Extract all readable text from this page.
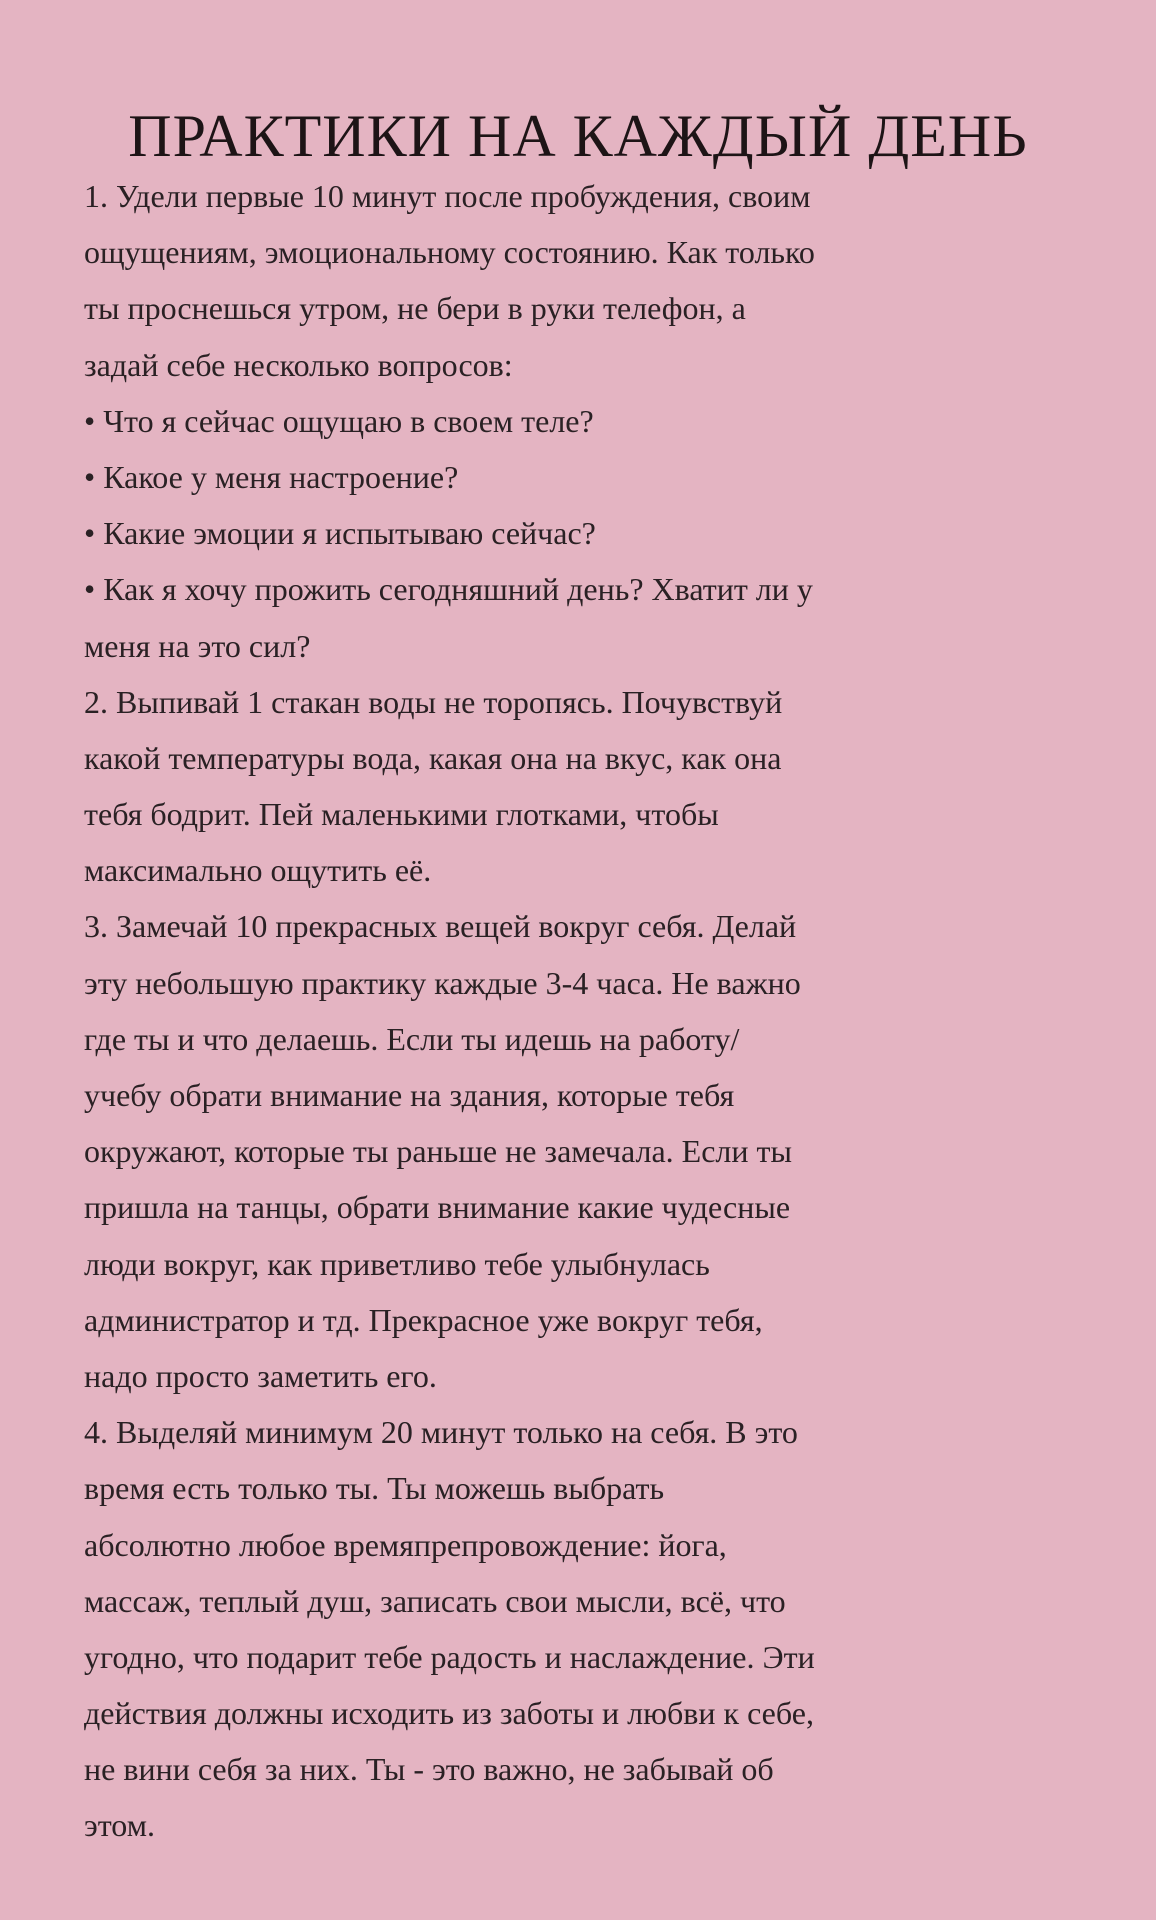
ПРАКТИКИ НА КАЖДЫЙ ДЕНЬ
1. Удели первые 10 минут после пробуждения, своим
ощущениям, эмоциональному состоянию. Как только
ты проснешься утром, не бери в руки телефон, а
задай себе несколько вопросов:
• Что я сейчас ощущаю в своем теле?
• Какое у меня настроение?
• Какие эмоции я испытываю сейчас?
• Как я хочу прожить сегодняшний день? Хватит ли у
меня на это сил?
2. Выпивай 1 стакан воды не торопясь. Почувствуй
какой температуры вода, какая она на вкус, как она
тебя бодрит. Пей маленькими глотками, чтобы
максимально ощутить её.
3. Замечай 10 прекрасных вещей вокруг себя. Делай
эту небольшую практику каждые 3-4 часа. Не важно
где ты и что делаешь. Если ты идешь на работу/
учебу обрати внимание на здания, которые тебя
окружают, которые ты раньше не замечала. Если ты
пришла на танцы, обрати внимание какие чудесные
люди вокруг, как приветливо тебе улыбнулась
администратор и тд. Прекрасное уже вокруг тебя,
надо просто заметить его.
4. Выделяй минимум 20 минут только на себя. В это
время есть только ты. Ты можешь выбрать
абсолютно любое времяпрепровождение: йога,
массаж, теплый душ, записать свои мысли, всё, что
угодно, что подарит тебе радость и наслаждение. Эти
действия должны исходить из заботы и любви к себе,
не вини себя за них. Ты - это важно, не забывай об
этом.
